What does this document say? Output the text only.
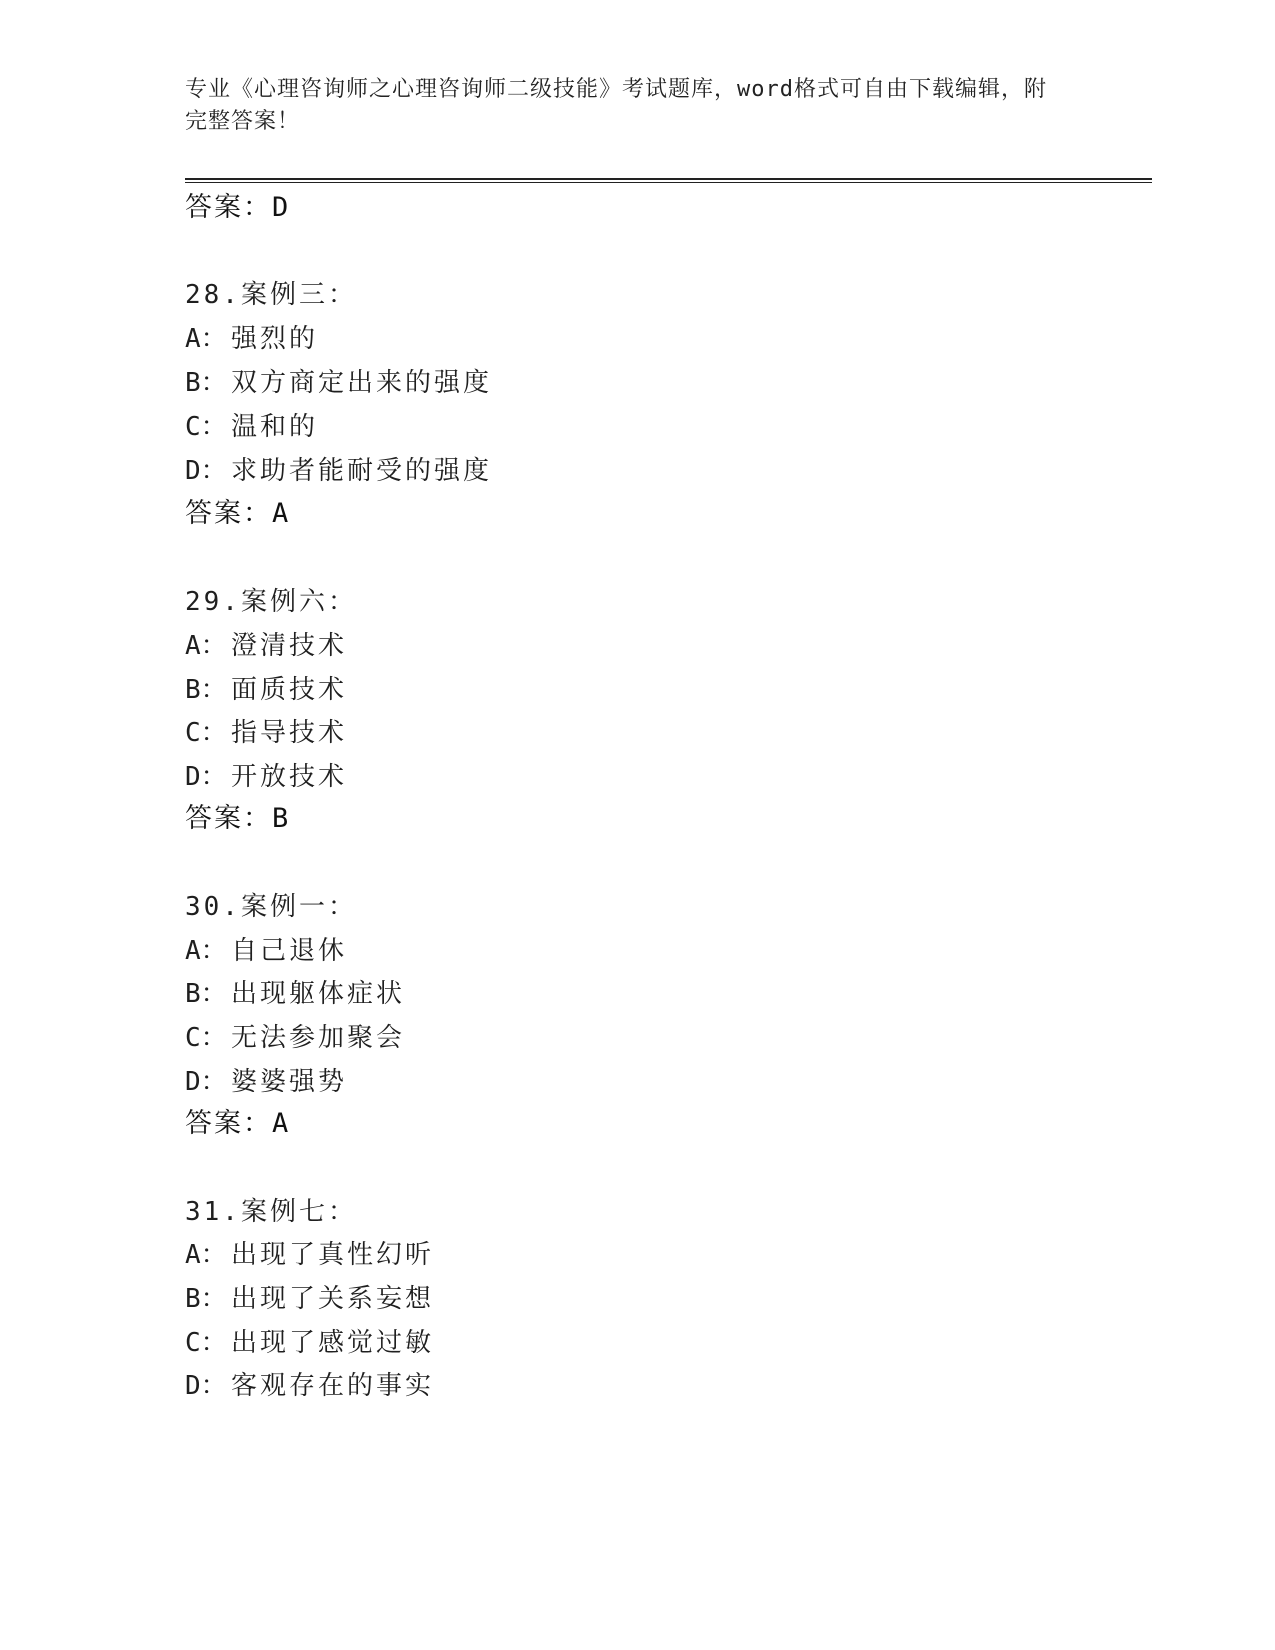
专业《心理咨询师之心理咨询师二级技能》考试题库，word格式可自由下载编辑，附完整答案！
答案：D
28.案例三：
A： 强烈的
B： 双方商定出来的强度
C： 温和的
D： 求助者能耐受的强度
答案：A
29.案例六：
A： 澄清技术
B： 面质技术
C： 指导技术
D： 开放技术
答案：B
30.案例一：
A： 自己退休
B： 出现躯体症状
C： 无法参加聚会
D： 婆婆强势
答案：A
31.案例七：
A： 出现了真性幻听
B： 出现了关系妄想
C： 出现了感觉过敏
D： 客观存在的事实
